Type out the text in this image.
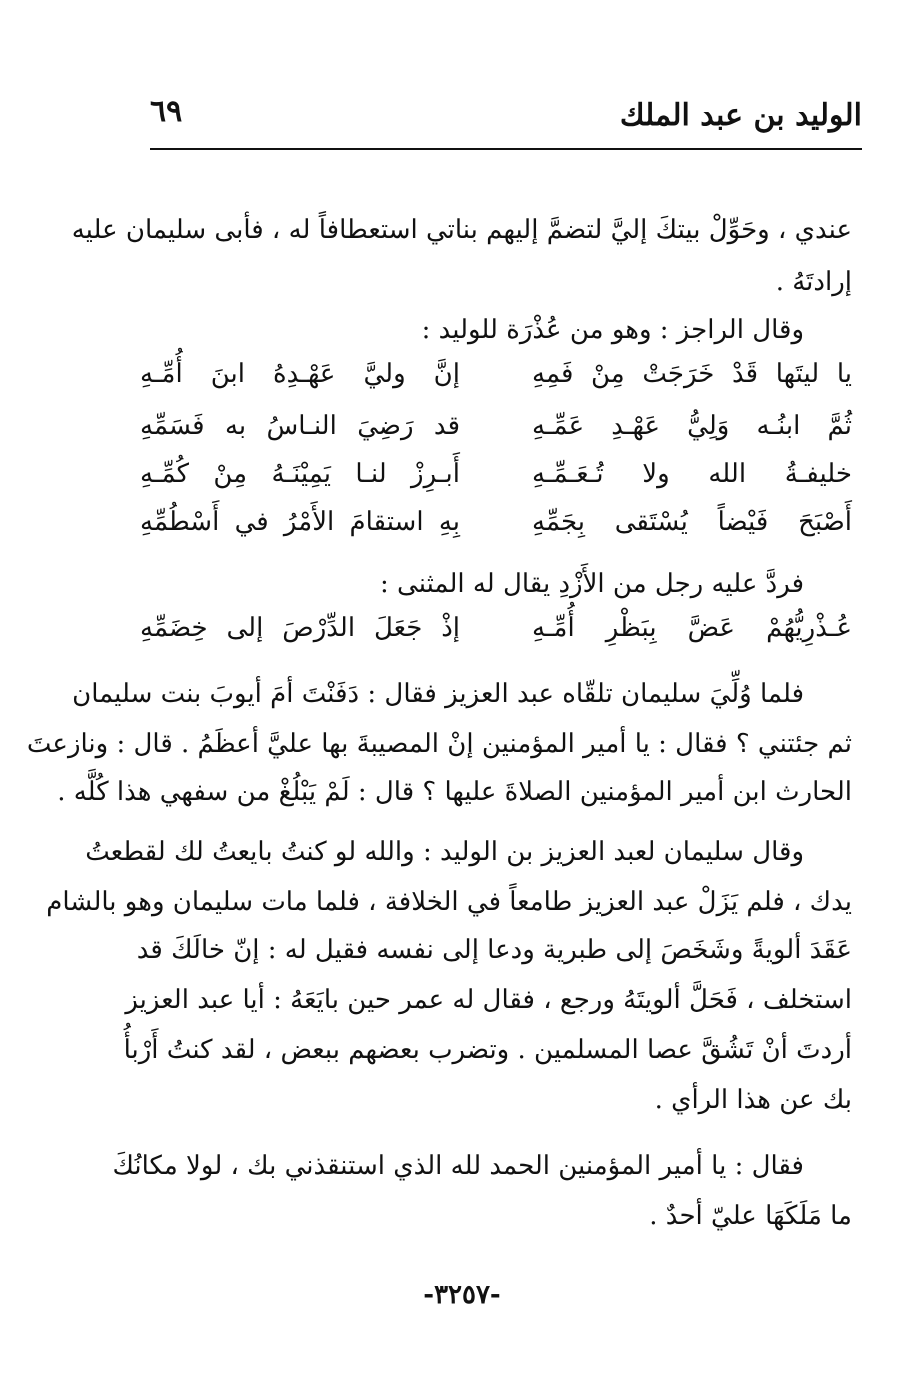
الوليد بن عبد الملك
٦٩
عندي ، وحَوِّلْ بيتكَ إليَّ لتضمَّ إليهم بناتي استعطافاً له ، فأبى سليمان عليه
إرادتَهُ .
وقال الراجز : وهو من عُذْرَة للوليد :
يا ليتَها قَدْ خَرَجَتْ مِنْ فَمِهِ
إنَّ وليَّ عَهْـدِهُ ابنَ أُمِّـهِ
ثُمَّ ابنُـه وَلِيُّ عَهْـدِ عَمِّـهِ
قد رَضِيَ النـاسُ به فَسَمِّهِ
خليفـةُ الله ولا تُـعَـمِّـهِ
أَبـرِزْ لنـا يَمِيْنَـهُ مِنْ كُمِّـهِ
أَصْبَحَ فَيْضاً يُسْتَقى بِجَمِّهِ
بِهِ استقامَ الأَمْرُ في أَسْطُمِّهِ
فردَّ عليه رجل من الأَزْدِ يقال له المثنى :
عُـذْرِيُّهُمْ عَضَّ بِبَظْرِ أُمِّـهِ
إذْ جَعَلَ الدِّرْصَ إلى خِضَمِّهِ
فلما وُلِّيَ سليمان تلقّاه عبد العزيز فقال : دَفَنْتَ أمَ أيوبَ بنت سليمان
ثم جئتني ؟ فقال : يا أمير المؤمنين إنْ المصيبةَ بها عليَّ أعظَمُ . قال : ونازعتَ
الحارث ابن أمير المؤمنين الصلاةَ عليها ؟ قال : لَمْ يَبْلُغْ من سفهي هذا كُلَّه .
وقال سليمان لعبد العزيز بن الوليد : والله لو كنتُ بايعتُ لك لقطعتُ
يدك ، فلم يَزَلْ عبد العزيز طامعاً في الخلافة ، فلما مات سليمان وهو بالشام
عَقَدَ ألويةً وشَخَصَ إلى طبرية ودعا إلى نفسه فقيل له : إنّ خالَكَ قد
استخلف ، فَحَلَّ ألويتَهُ ورجع ، فقال له عمر حين بايَعَهُ : أيا عبد العزيز
أردتَ أنْ تَشُقَّ عصا المسلمين . وتضرب بعضهم ببعض ، لقد كنتُ أَرْبأُ
بك عن هذا الرأي .
فقال : يا أمير المؤمنين الحمد لله الذي استنقذني بك ، لولا مكانُكَ
ما مَلَكَهَا عليّ أحدٌ .
-٣٢٥٧-
